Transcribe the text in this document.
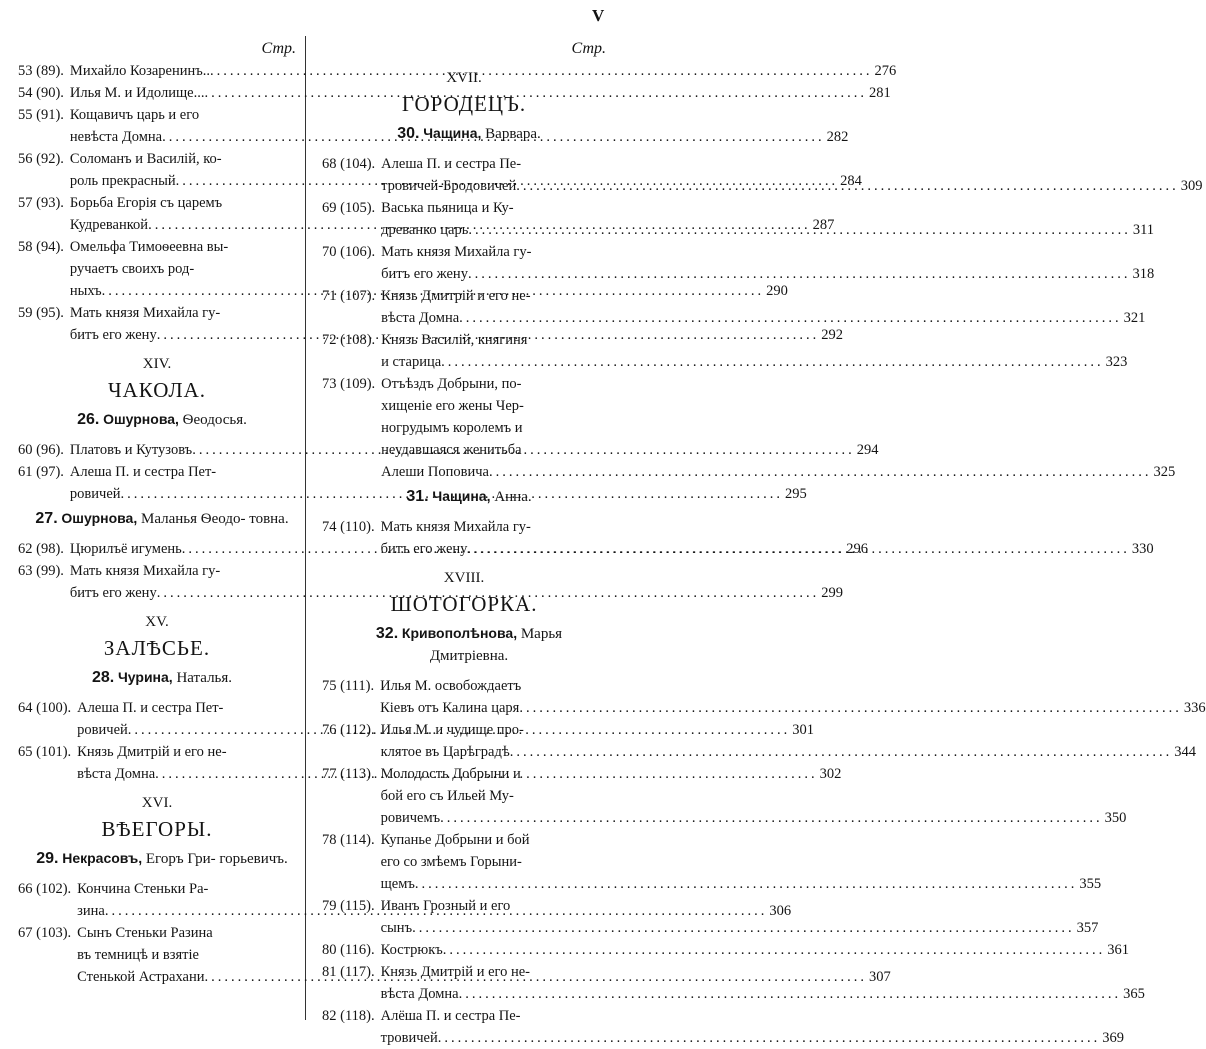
V
Стр.
53 (89). Михайло Козаренинъ.. .....	276
54 (90). Илья М. и Идолище... .....	281
55 (91). Кощавичъ царь и его
невѣста Домна .....	282
56 (92). Соломанъ и Василій, ко-
роль прекрасный .....	284
57 (93). Борьба Егорія съ царемъ
Кудреванкой .....	287
58 (94). Омельфа Тимоѳеевна вы-
ручаетъ своихъ род-
ныхъ .....	290
59 (95). Мать князя Михайла гу-
битъ его жену .....	292
XIV.
ЧАКОЛА.
26. Ошурнова, Ѳеодосья.
60 (96). Платовъ и Кутузовъ .....	294
61 (97). Алеша П. и сестра Пет-
ровичей .....	295
27. Ошурнова, Маланья Ѳеодо- товна.
62 (98). Цюрилъё игумень .....	296
63 (99). Мать князя Михайла гу-
битъ его жену .....	299
XV.
ЗАЛѢСЬЕ.
28. Чурина, Наталья.
64 (100). Алеша П. и сестра Пет-
ровичей .....	301
65 (101). Князь Дмитрій и его не-
вѣста Домна .....	302
XVI.
ВѢЕГОРЫ.
29. Некрасовъ, Егоръ Гри- горьевичъ.
66 (102). Кончина Стеньки Ра-
зина .....	306
67 (103). Сынъ Стеньки Разина
въ темницѣ и взятіе
Стенькой Астрахани .....	307
Стр.
XVII.
ГОРОДЕЦЪ.
30. Чащина, Варвара.
68 (104). Алеша П. и сестра Пе-
тровичей-Бродовичей .....	309
69 (105). Васька пьяница и Ку-
древанко царь .....	311
70 (106). Мать князя Михайла гу-
битъ его жену .....	318
71 (107). Князь Дмитрій и его не-
вѣста Домна .....	321
72 (108). Князь Василій, княгиня
и старица .....	323
73 (109). Отъѣздъ Добрыни, по-
хищеніе его жены Чер-
ногрудымъ королемъ и
неудавшаяся женитьба
Алеши Поповича .....	325
31. Чащина, Анна.
74 (110). Мать князя Михайла гу-
битъ его жену .....	330
XVIII.
ШОТОГОРКА.
32. Кривополѣнова, Марья Дмитріевна.
75 (111). Илья М. освобождаетъ
Кіевъ отъ Калина царя .....	336
76 (112). Илья М. и чудище про-
клятое въ Царѣградѣ .....	344
77 (113). Молодость Добрыни и
бой его съ Ильей Му-
ровичемъ .....	350
78 (114). Купанье Добрыни и бой
его со змѣемъ Горыни-
щемъ .....	355
79 (115). Иванъ Грозный и его
сынъ .....	357
80 (116). Кострюкъ .....	361
81 (117). Князь Дмитрій и его не-
вѣста Домна .....	365
82 (118). Алёша П. и сестра Пе-
тровичей .....	369
